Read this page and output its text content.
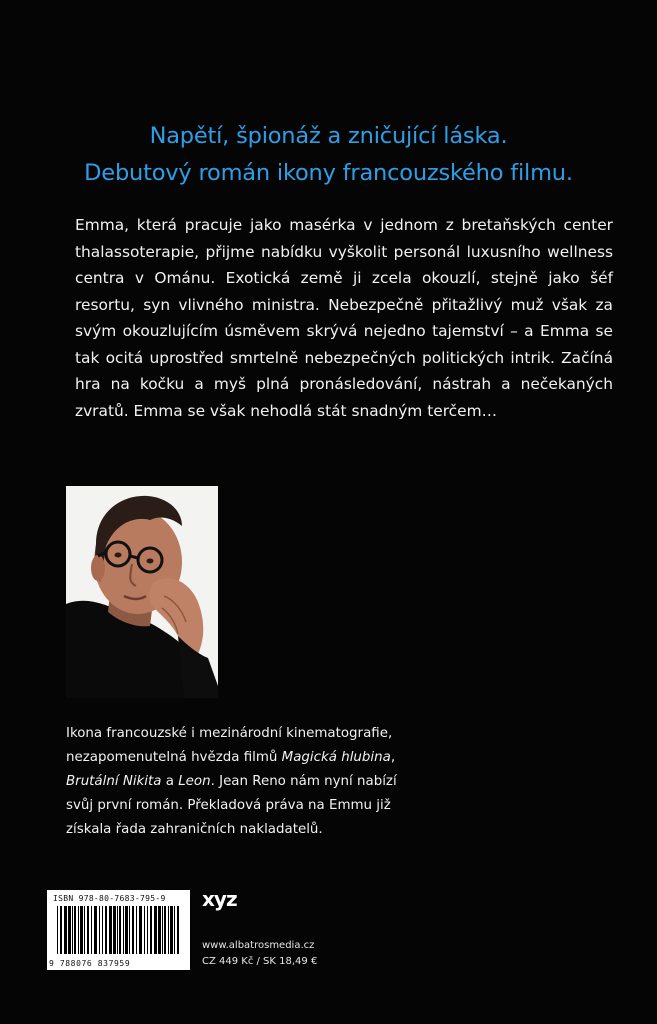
Napětí, špionáž a zničující láska.
Debutový román ikony francouzského filmu.
Emma, která pracuje jako masérka v jednom z bretaňských center
thalassoterapie, přijme nabídku vyškolit personál luxusního wellness
centra v Ománu. Exotická země ji zcela okouzlí, stejně jako šéf
resortu, syn vlivného ministra. Nebezpečně přitažlivý muž však za
svým okouzlujícím úsměvem skrývá nejedno tajemství – a Emma se
tak ocitá uprostřed smrtelně nebezpečných politických intrik. Začíná
hra na kočku a myš plná pronásledování, nástrah a nečekaných
zvratů. Emma se však nehodlá stát snadným terčem…
Ikona francouzské i mezinárodní kinematografie,
nezapomenutelná hvězda filmů Magická hlubina,
Brutální Nikita a Leon. Jean Reno nám nyní nabízí
svůj první román. Překladová práva na Emmu již
získala řada zahraničních nakladatelů.
ISBN 978-80-7683-795-9
9 788076 837959
xyz
www.albatrosmedia.cz
CZ 449 Kč / SK 18,49 €
